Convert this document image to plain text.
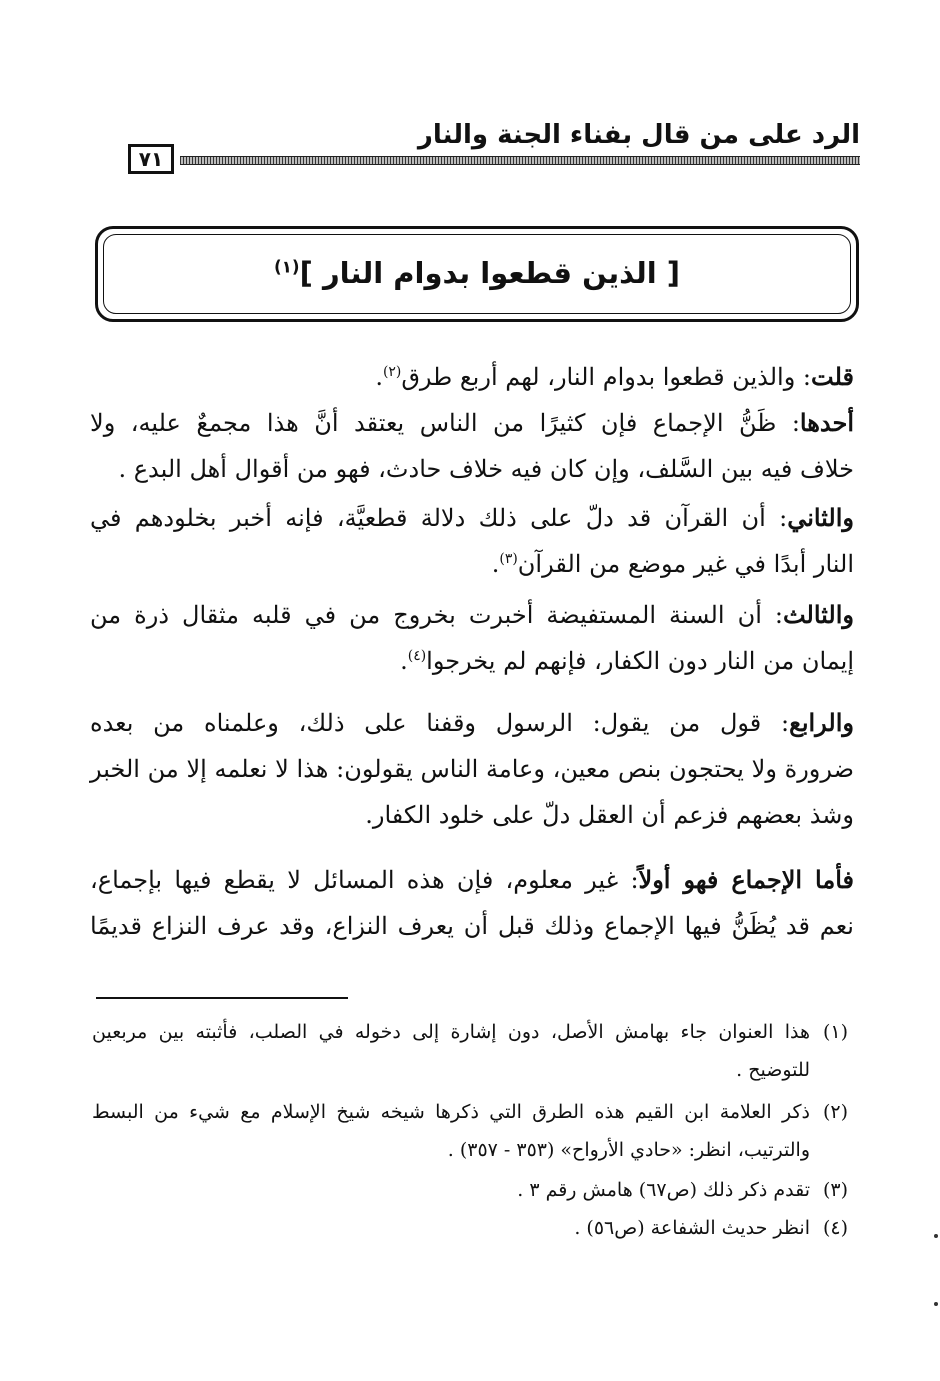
الرد على من قال بفناء الجنة والنار
٧١
[ الذين قطعوا بدوام النار ]$^{(١)}$
قلت: والذين قطعوا بدوام النار، لهم أربع طرق$^{(٢)}$.
أحدها: ظَنُّ الإجماع فإن كثيرًا من الناس يعتقد أنَّ هذا مجمعٌ عليه، ولا
خلاف فيه بين السَّلف، وإن كان فيه خلاف حادث، فهو من أقوال أهل البدع .
والثاني: أن القرآن قد دلّ على ذلك دلالة قطعيَّة، فإنه أخبر بخلودهم في
النار أبدًا في غير موضع من القرآن$^{(٣)}$.
والثالث: أن السنة المستفيضة أخبرت بخروج من في قلبه مثقال ذرة من
إيمان من النار دون الكفار، فإنهم لم يخرجوا$^{(٤)}$.
والرابع: قول من يقول: الرسول وقفنا على ذلك، وعلمناه من بعده
ضرورة ولا يحتجون بنص معين، وعامة الناس يقولون: هذا لا نعلمه إلا من الخبر
وشذ بعضهم فزعم أن العقل دلّ على خلود الكفار.
فأما الإجماع فهو أولاً: غير معلوم، فإن هذه المسائل لا يقطع فيها بإجماع،
نعم قد يُظَنُّ فيها الإجماع وذلك قبل أن يعرف النزاع، وقد عرف النزاع قديمًا
(١)هذا العنوان جاء بهامش الأصل، دون إشارة إلى دخوله في الصلب، فأثبته بين مربعين
للتوضيح .
(٢)ذكر العلامة ابن القيم هذه الطرق التي ذكرها شيخه شيخ الإسلام مع شيء من البسط
والترتيب، انظر: «حادي الأرواح» (٣٥٣ - ٣٥٧) .
(٣)تقدم ذكر ذلك (ص٦٧) هامش رقم ٣ .
(٤)انظر حديث الشفاعة (ص٥٦) .
